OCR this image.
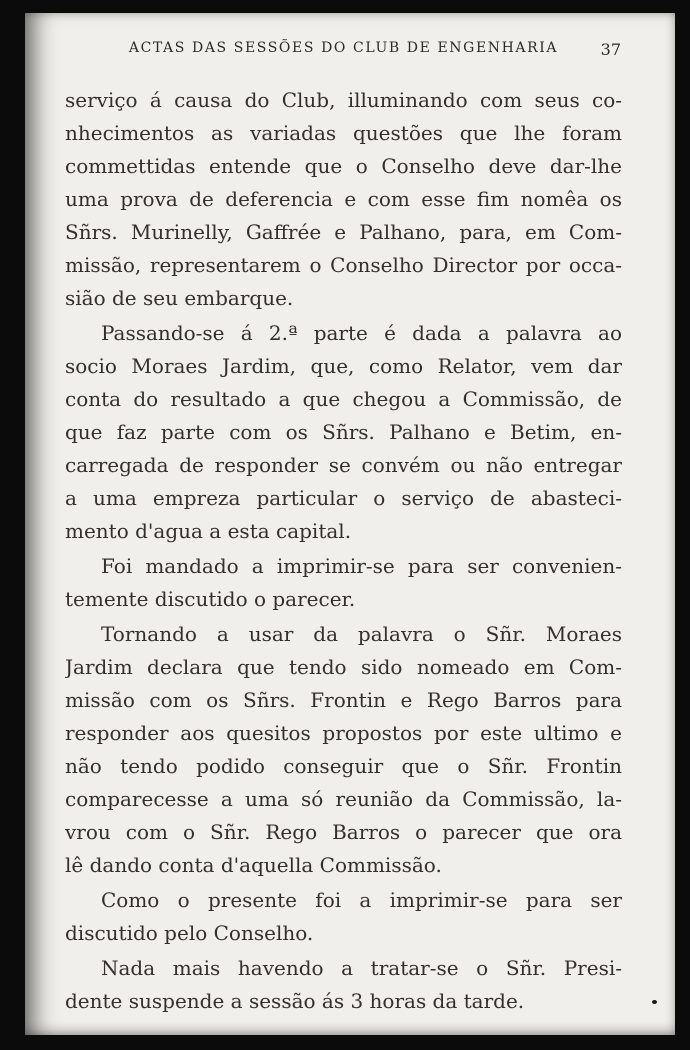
ACTAS DAS SESSÕES DO CLUB DE ENGENHARIA	37
serviço á causa do Club, illuminando com seus co-
nhecimentos as variadas questões que lhe foram
commettidas entende que o Conselho deve dar-lhe
uma prova de deferencia e com esse fim nomêa os
Sñrs. Murinelly, Gaffrée e Palhano, para, em Com-
missão, representarem o Conselho Director por occa-
sião de seu embarque.
Passando-se á 2.ª parte é dada a palavra ao
socio Moraes Jardim, que, como Relator, vem dar
conta do resultado a que chegou a Commissão, de
que faz parte com os Sñrs. Palhano e Betim, en-
carregada de responder se convém ou não entregar
a uma empreza particular o serviço de abasteci-
mento d'agua a esta capital.
Foi mandado a imprimir-se para ser convenien-
temente discutido o parecer.
Tornando a usar da palavra o Sñr. Moraes
Jardim declara que tendo sido nomeado em Com-
missão com os Sñrs. Frontin e Rego Barros para
responder aos quesitos propostos por este ultimo e
não tendo podido conseguir que o Sñr. Frontin
comparecesse a uma só reunião da Commissão, la-
vrou com o Sñr. Rego Barros o parecer que ora
lê dando conta d'aquella Commissão.
Como o presente foi a imprimir-se para ser
discutido pelo Conselho.
Nada mais havendo a tratar-se o Sñr. Presi-
dente suspende a sessão ás 3 horas da tarde.
